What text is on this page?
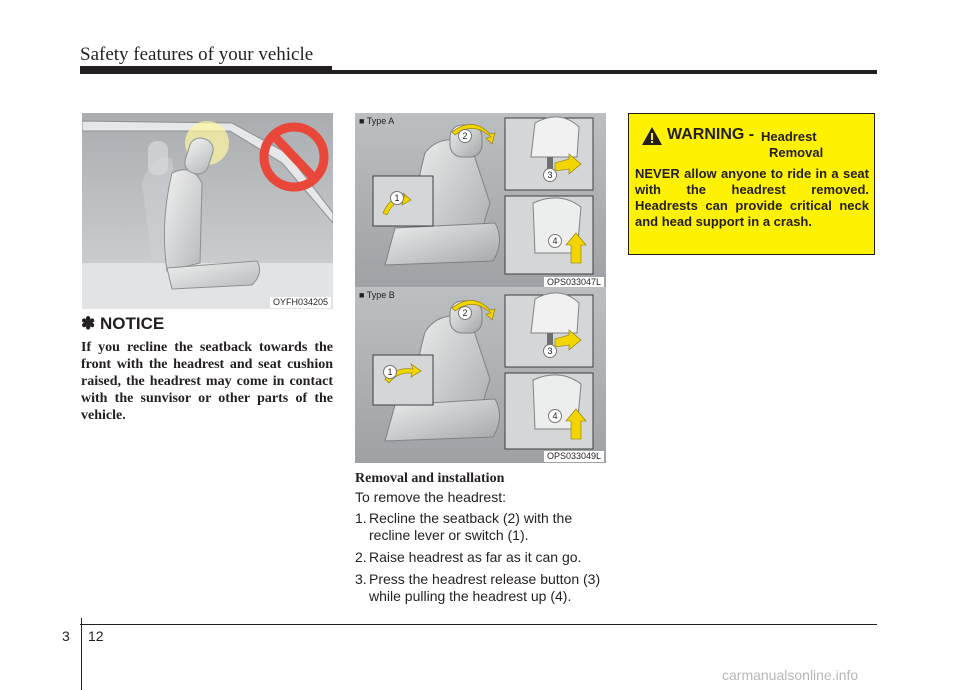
Safety features of your vehicle
OYFH034205
✽ NOTICE

If you recline the seatback towards the front with the headrest and seat cushion raised, the headrest may come in contact with the sunvisor or other parts of the vehicle.

■ Type A
1
2
3
4
OPS033047L
■ Type B
1
2
3
4
OPS033049L
Removal and installation
To remove the headrest:
1. Recline the seatback (2) with the recline lever or switch (1).
2. Raise headrest as far as it can go.
3. Press the headrest release button (3) while pulling the headrest up (4).
WARNING - Headrest
Removal

NEVER allow anyone to ride in a seat with the headrest removed. Headrests can provide critical neck and head support in a crash.

3 12
carmanualsonline.info
